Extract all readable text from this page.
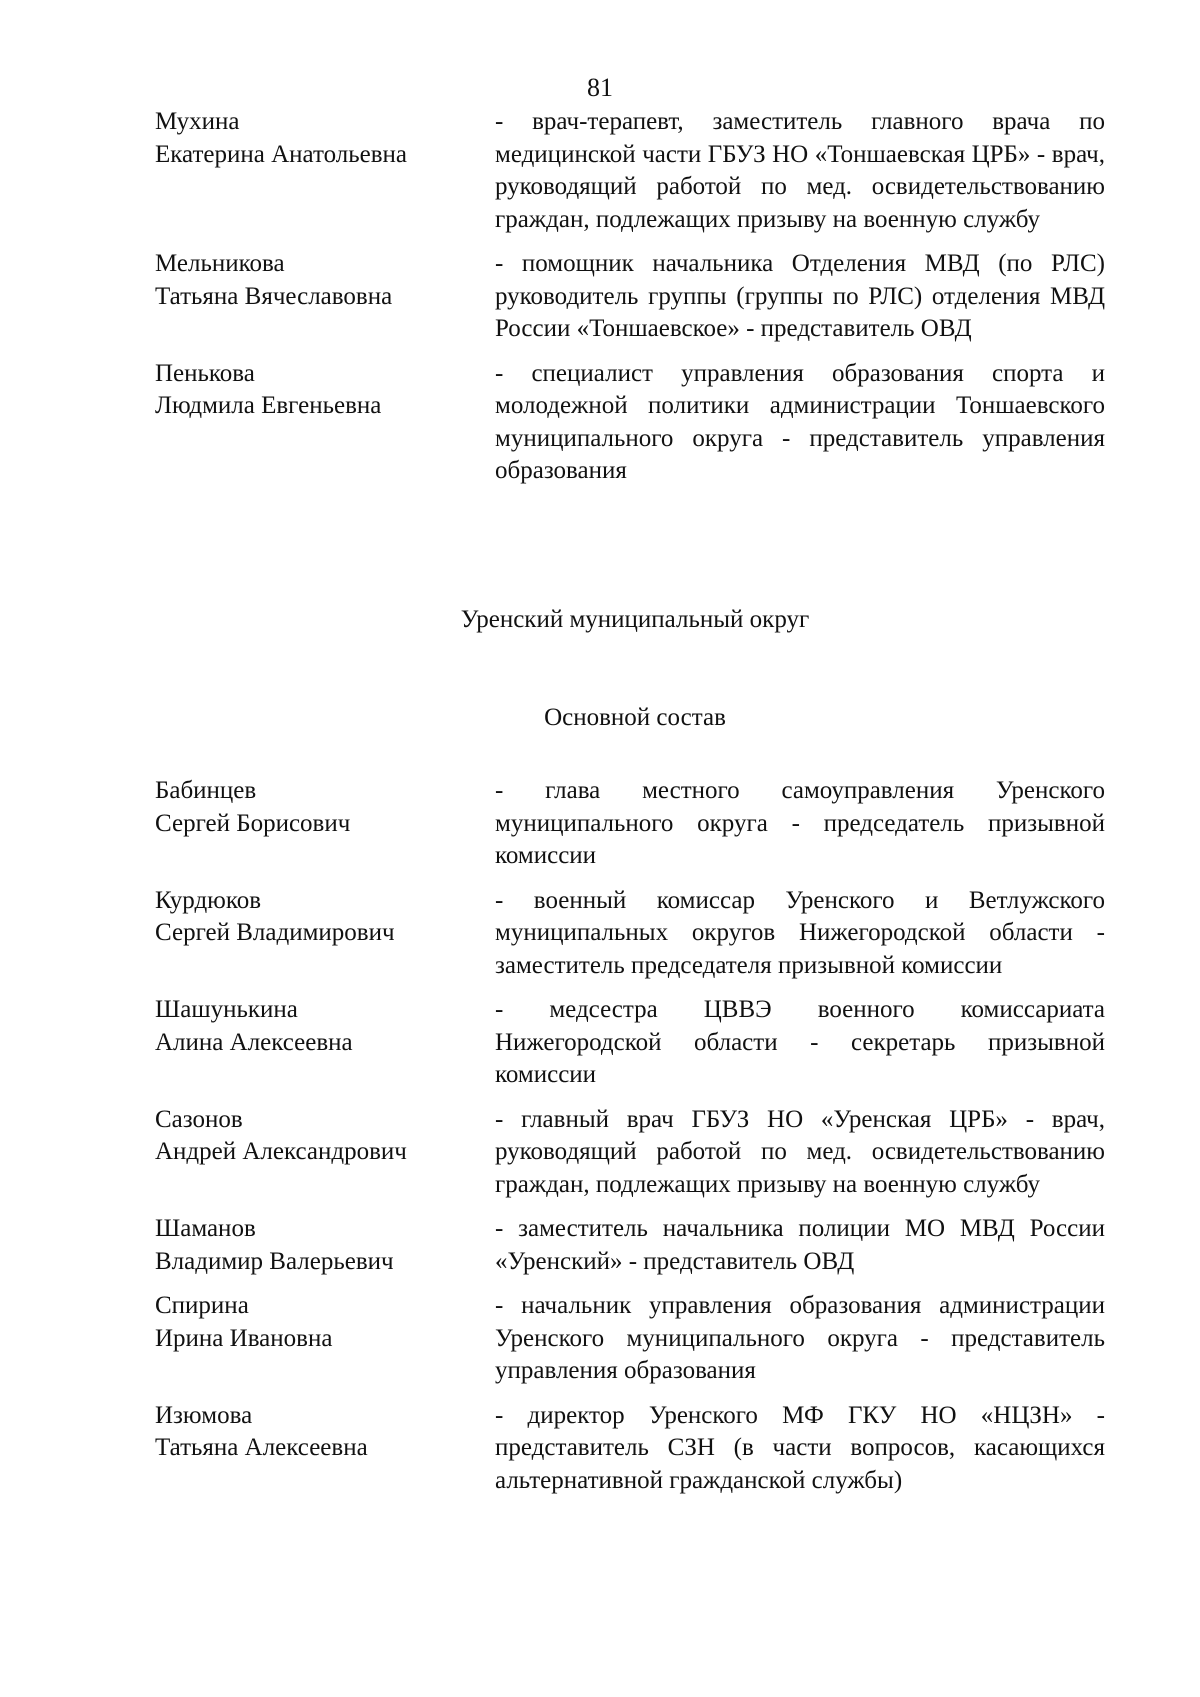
81
Мухина
Екатерина Анатольевна
- врач-терапевт, заместитель главного врача по медицинской части ГБУЗ НО «Тоншаевская ЦРБ» - врач, руководящий работой по мед. освидетельствованию граждан, подлежащих призыву на военную службу
Мельникова
Татьяна Вячеславовна
- помощник начальника Отделения МВД (по РЛС) руководитель группы (группы по РЛС) отделения МВД России «Тоншаевское» - представитель ОВД
Пенькова
Людмила Евгеньевна
- специалист управления образования спорта и молодежной политики администрации Тоншаевского муниципального округа - представитель управления образования
Уренский муниципальный округ
Основной состав
Бабинцев
Сергей Борисович
- глава местного самоуправления Уренского муниципального округа - председатель призывной комиссии
Курдюков
Сергей Владимирович
- военный комиссар Уренского и Ветлужского муниципальных округов Нижегородской области - заместитель председателя призывной комиссии
Шашунькина
Алина Алексеевна
- медсестра ЦВВЭ военного комиссариата Нижегородской области - секретарь призывной комиссии
Сазонов
Андрей Александрович
- главный врач ГБУЗ НО «Уренская ЦРБ» - врач, руководящий работой по мед. освидетельствованию граждан, подлежащих призыву на военную службу
Шаманов
Владимир Валерьевич
- заместитель начальника полиции МО МВД России «Уренский» - представитель ОВД
Спирина
Ирина Ивановна
- начальник управления образования администрации Уренского муниципального округа - представитель управления образования
Изюмова
Татьяна Алексеевна
- директор Уренского МФ ГКУ НО «НЦЗН» - представитель СЗН (в части вопросов, касающихся альтернативной гражданской службы)
